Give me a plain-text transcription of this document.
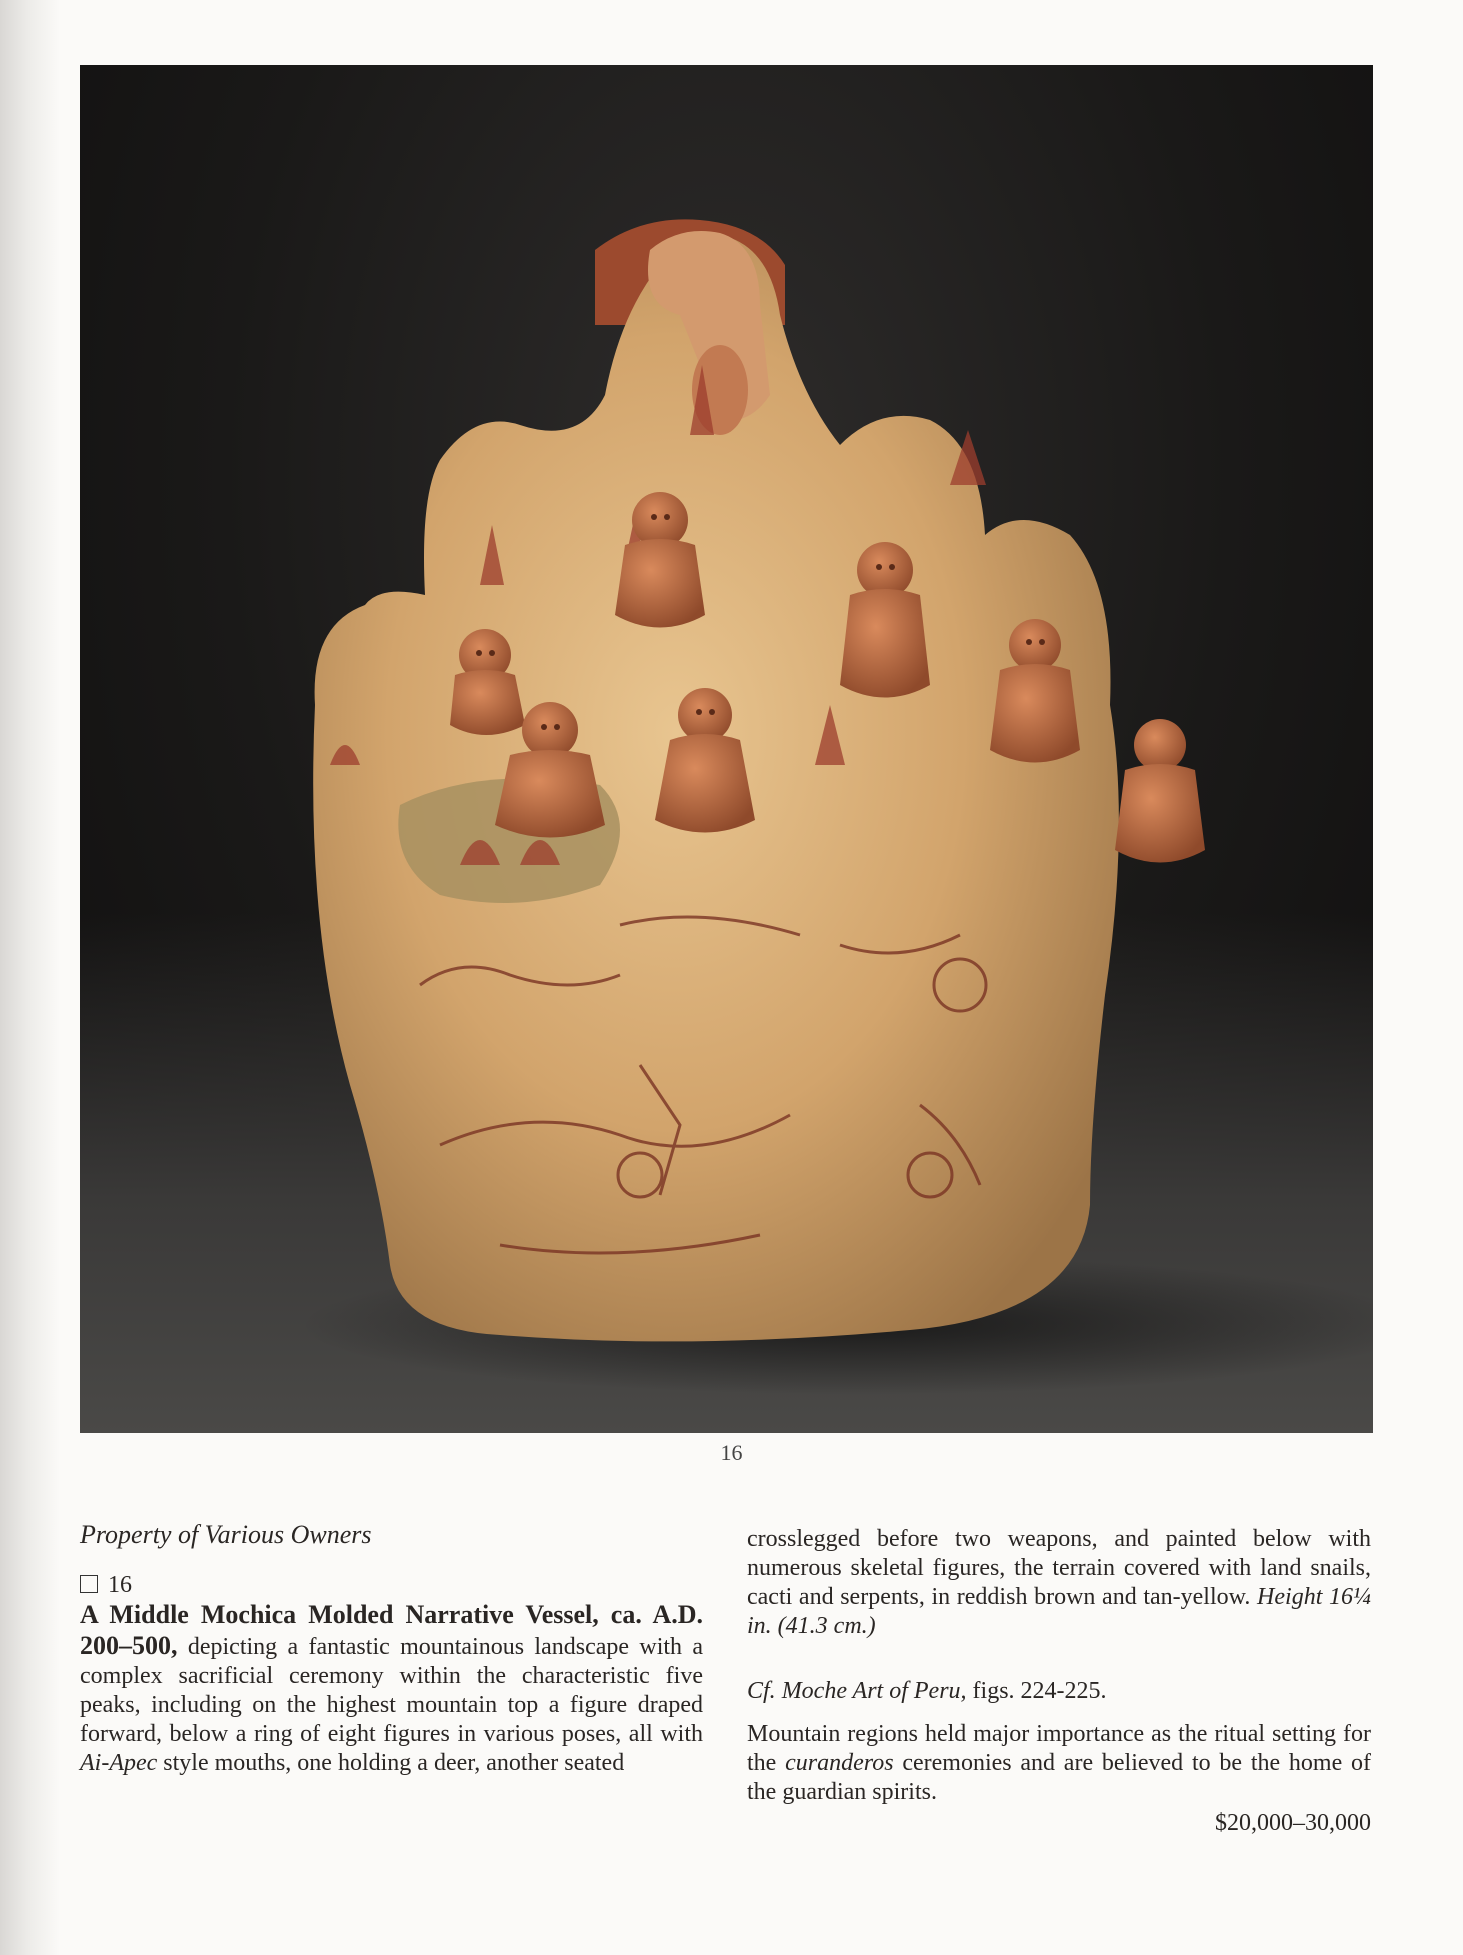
16
Property of Various Owners
16

A Middle Mochica Molded Narrative Vessel, ca. A.D. 200–500, depicting a fantastic mountainous landscape with a complex sacrificial ceremony within the characteristic five peaks, including on the highest mountain top a figure draped forward, below a ring of eight figures in various poses, all with Ai-Apec style mouths, one holding a deer, another seated

crosslegged before two weapons, and painted below with numerous skeletal figures, the terrain covered with land snails, cacti and serpents, in reddish brown and tan-yellow. Height 16¼ in. (41.3 cm.)

Cf. Moche Art of Peru, figs. 224-225.

Mountain regions held major importance as the ritual setting for the curanderos ceremonies and are believed to be the home of the guardian spirits.

$20,000–30,000
